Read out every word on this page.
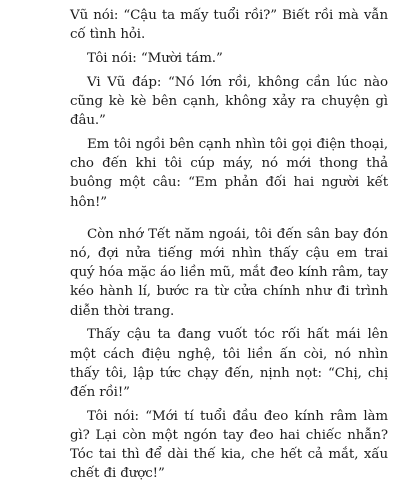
Vũ nói: “Cậu ta mấy tuổi rồi?” Biết rồi mà vẫn cố tình hỏi.

Tôi nói: “Mười tám.”

Vi Vũ đáp: “Nó lớn rồi, không cần lúc nào cũng kè kè bên cạnh, không xảy ra chuyện gì đâu.”

Em tôi ngồi bên cạnh nhìn tôi gọi điện thoại, cho đến khi tôi cúp máy, nó mới thong thả buông một câu: “Em phản đối hai người kết hôn!”

Còn nhớ Tết năm ngoái, tôi đến sân bay đón nó, đợi nửa tiếng mới nhìn thấy cậu em trai quý hóa mặc áo liền mũ, mắt đeo kính râm, tay kéo hành lí, bước ra từ cửa chính như đi trình diễn thời trang.

Thấy cậu ta đang vuốt tóc rối hất mái lên một cách điệu nghệ, tôi liền ấn còi, nó nhìn thấy tôi, lập tức chạy đến, nịnh nọt: “Chị, chị đến rồi!”

Tôi nói: “Mới tí tuổi đầu đeo kính râm làm gì? Lại còn một ngón tay đeo hai chiếc nhẫn? Tóc tai thì để dài thế kia, che hết cả mắt, xấu chết đi được!”
